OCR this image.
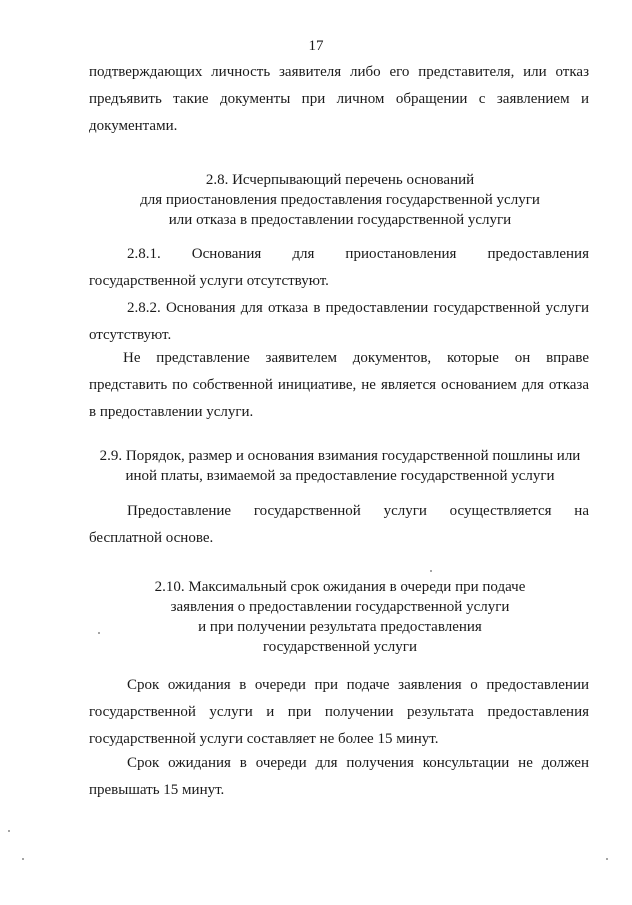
17

подтверждающих личность заявителя либо его представителя, или отказ

предъявить такие документы при личном обращении с заявлением и

документами.

2.8. Исчерпывающий перечень оснований

для приостановления предоставления государственной услуги

или отказа в предоставлении государственной услуги

2.8.1.      Основания      для      приостановления      предоставления

государственной услуги отсутствуют.

2.8.2. Основания для отказа в предоставлении государственной услуги

отсутствуют.

Не представление заявителем документов, которые он вправе

представить по собственной инициативе, не является основанием для отказа

в предоставлении услуги.

2.9. Порядок, размер и основания взимания государственной пошлины или

иной платы, взимаемой за предоставление государственной услуги

Предоставление государственной услуги осуществляется на

бесплатной основе.

2.10. Максимальный срок ожидания в очереди при подаче

заявления о предоставлении государственной услуги

и при получении результата предоставления

государственной услуги

Срок ожидания в очереди при подаче заявления о предоставлении

государственной услуги и при получении результата предоставления

государственной услуги составляет не более 15 минут.

Срок ожидания в очереди для получения консультации не должен

превышать 15 минут.
